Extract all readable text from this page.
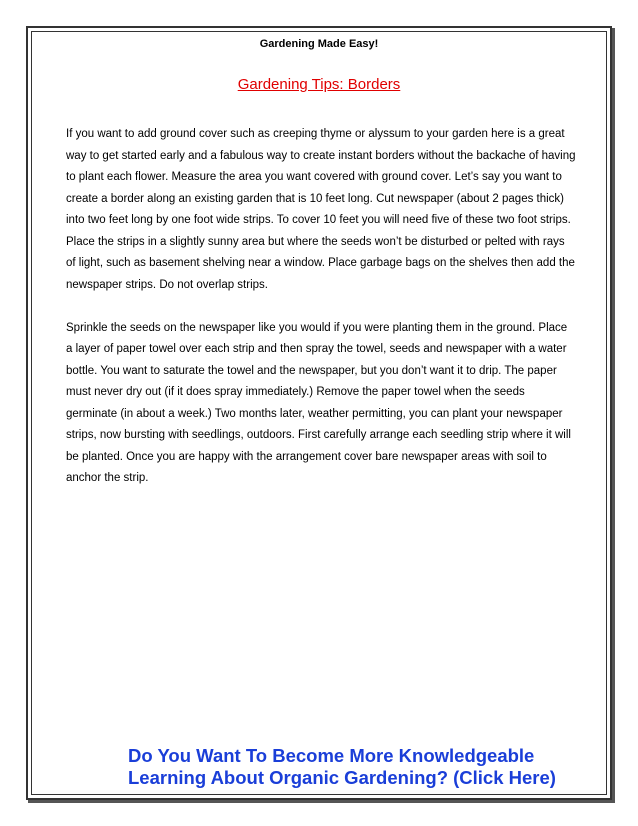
Gardening Made Easy!
Gardening Tips: Borders

If you want to add ground cover such as creeping thyme or alyssum to your garden here is a great way to get started early and a fabulous way to create instant borders without the backache of having to plant each flower. Measure the area you want covered with ground cover. Let’s say you want to create a border along an existing garden that is 10 feet long. Cut newspaper (about 2 pages thick) into two feet long by one foot wide strips. To cover 10 feet you will need five of these two foot strips. Place the strips in a slightly sunny area but where the seeds won’t be disturbed or pelted with rays of light, such as basement shelving near a window. Place garbage bags on the shelves then add the newspaper strips. Do not overlap strips.

Sprinkle the seeds on the newspaper like you would if you were planting them in the ground. Place a layer of paper towel over each strip and then spray the towel, seeds and newspaper with a water bottle. You want to saturate the towel and the newspaper, but you don’t want it to drip. The paper must never dry out (if it does spray immediately.) Remove the paper towel when the seeds germinate (in about a week.) Two months later, weather permitting, you can plant your newspaper strips, now bursting with seedlings, outdoors. First carefully arrange each seedling strip where it will be planted. Once you are happy with the arrangement cover bare newspaper areas with soil to anchor the strip.

Do You Want To Become More Knowledgeable
Learning About Organic Gardening? (Click Here)
